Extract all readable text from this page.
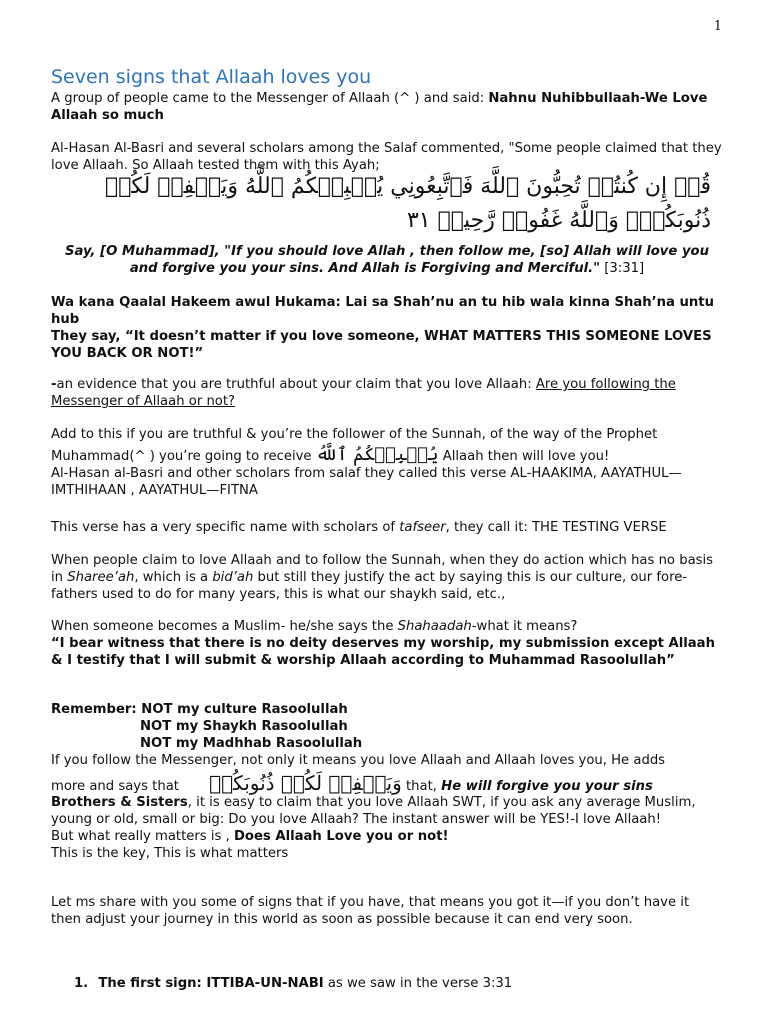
1
Seven signs that Allaah loves you
A group of people came to the Messenger of Allaah (^ ) and said: Nahnu Nuhibbullaah-We Love Allaah so much
Al-Hasan Al-Basri and several scholars among the Salaf commented, "Some people claimed that they love Allaah. So Allaah tested them with this Ayah;
قُلۡ إِن كُنتُمۡ تُحِبُّونَ ٱللَّهَ فَٱتَّبِعُونِي يُحۡبِبۡكُمُ ٱللَّهُ وَيَغۡفِرۡ لَكُمۡ ذُنُوبَكُمۡۚ وَٱللَّهُ غَفُورٞ رَّحِيمٞ ٣١
Say, [O Muhammad], "If you should love Allah , then follow me, [so] Allah will love you and forgive you your sins. And Allah is Forgiving and Merciful." [3:31]
Wa kana Qaalal Hakeem awul Hukama: Lai sa Shah’nu an tu hib wala kinna Shah’na untu hub
They say, “It doesn’t matter if you love someone, WHAT MATTERS THIS SOMEONE LOVES YOU BACK OR NOT!”
-an evidence that you are truthful about your claim that you love Allaah: Are you following the Messenger of Allaah or not?
Add to this if you are truthful & you’re the follower of the Sunnah, of the way of the Prophet
Muhammad(^ ) you’re going to receive يُحۡبِبۡكُمُ ٱللَّهُ Allaah then will love you!
Al-Hasan al-Basri and other scholars from salaf they called this verse AL-HAAKIMA, AAYATHUL—IMTHIHAAN , AAYATHUL—FITNA
This verse has a very specific name with scholars of tafseer, they call it: THE TESTING VERSE
When people claim to love Allaah and to follow the Sunnah, when they do action which has no basis in Sharee’ah, which is a bid’ah but still they justify the act by saying this is our culture, our fore-fathers used to do for many years, this is what our shaykh said, etc.,
When someone becomes a Muslim- he/she says the Shahaadah-what it means?
“I bear witness that there is no deity deserves my worship, my submission except Allaah & I testify that I will submit & worship Allaah according to Muhammad Rasoolullah”
Remember: NOT my culture Rasoolullah
NOT my Shaykh Rasoolullah
NOT my Madhhab Rasoolullah
If you follow the Messenger, not only it means you love Allaah and Allaah loves you, He adds
more and says that وَيَغۡفِرۡ لَكُمۡ ذُنُوبَكُمۡ that, He will forgive you your sins
Brothers & Sisters, it is easy to claim that you love Allaah SWT, if you ask any average Muslim, young or old, small or big: Do you love Allaah? The instant answer will be YES!-I love Allaah!
But what really matters is , Does Allaah Love you or not!
This is the key, This is what matters
Let ms share with you some of signs that if you have, that means you got it—if you don’t have it then adjust your journey in this world as soon as possible because it can end very soon.
1. The first sign: ITTIBA-UN-NABI as we saw in the verse 3:31
